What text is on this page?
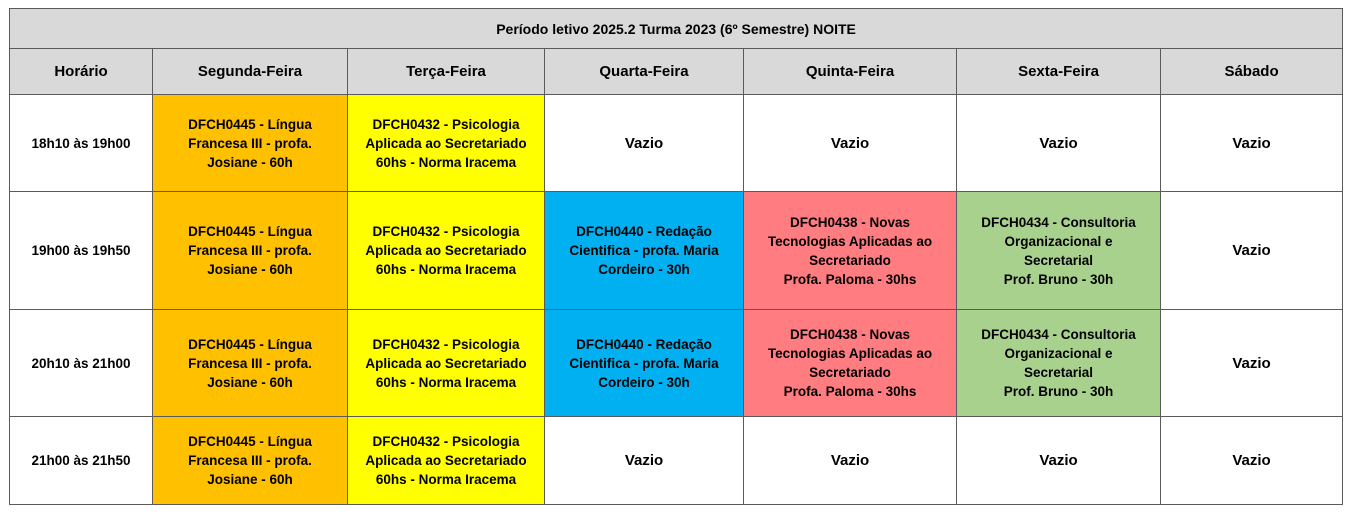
Período letivo 2025.2 Turma 2023 (6º Semestre) NOITE						
Horário	Segunda-Feira	Terça-Feira	Quarta-Feira	Quinta-Feira	Sexta-Feira	Sábado
18h10 às 19h00	DFCH0445 - Língua
Francesa III - profa.
Josiane - 60h	DFCH0432 - Psicologia
Aplicada ao Secretariado
60hs - Norma Iracema	Vazio	Vazio	Vazio	Vazio
19h00 às 19h50	DFCH0445 - Língua
Francesa III - profa.
Josiane - 60h	DFCH0432 - Psicologia
Aplicada ao Secretariado
60hs - Norma Iracema	DFCH0440 - Redação
Cientifica - profa. Maria
Cordeiro - 30h	DFCH0438 - Novas
Tecnologias Aplicadas ao
Secretariado
Profa. Paloma - 30hs	DFCH0434 - Consultoria
Organizacional e
Secretarial
Prof. Bruno - 30h	Vazio
20h10 às 21h00	DFCH0445 - Língua
Francesa III - profa.
Josiane - 60h	DFCH0432 - Psicologia
Aplicada ao Secretariado
60hs - Norma Iracema	DFCH0440 - Redação
Cientifica - profa. Maria
Cordeiro - 30h	DFCH0438 - Novas
Tecnologias Aplicadas ao
Secretariado
Profa. Paloma - 30hs	DFCH0434 - Consultoria
Organizacional e
Secretarial
Prof. Bruno - 30h	Vazio
21h00 às 21h50	DFCH0445 - Língua
Francesa III - profa.
Josiane - 60h	DFCH0432 - Psicologia
Aplicada ao Secretariado
60hs - Norma Iracema	Vazio	Vazio	Vazio	Vazio
